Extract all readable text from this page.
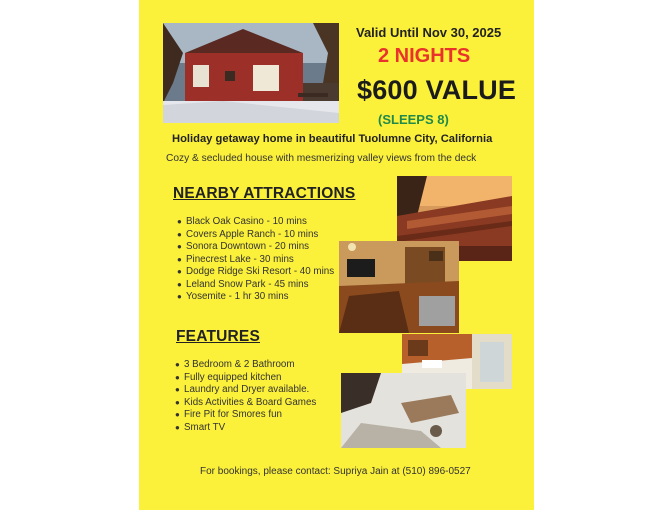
Valid Until Nov 30, 2025
2 NIGHTS
$600 VALUE
(SLEEPS 8)
Holiday getaway home in beautiful Tuolumne City, California
Cozy & secluded house with mesmerizing valley views from the deck
NEARBY ATTRACTIONS
● Black Oak Casino - 10 mins
● Covers Apple Ranch - 10 mins
● Sonora Downtown - 20 mins
● Pinecrest Lake - 30 mins
● Dodge Ridge Ski Resort - 40 mins
● Leland Snow Park - 45 mins
● Yosemite - 1 hr 30 mins
FEATURES
● 3 Bedroom & 2 Bathroom
● Fully equipped kitchen
● Laundry and Dryer available.
● Kids Activities & Board Games
● Fire Pit for Smores fun
● Smart TV
For bookings, please contact: Supriya Jain at (510) 896-0527
